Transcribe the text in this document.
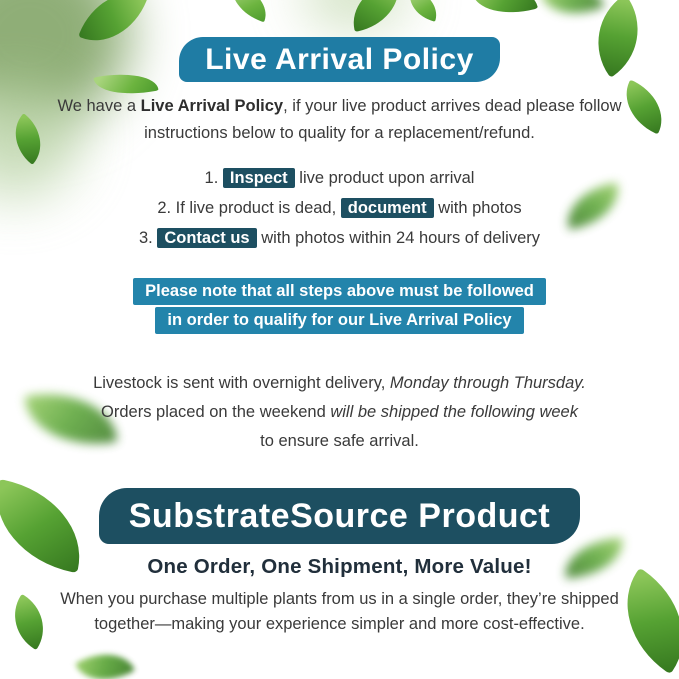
Live Arrival Policy
We have a Live Arrival Policy, if your live product arrives dead please follow
instructions below to quality for a replacement/refund.
1. Inspect live product upon arrival
2. If live product is dead, document with photos
3. Contact us with photos within 24 hours of delivery
Please note that all steps above must be followed
in order to qualify for our Live Arrival Policy
Livestock is sent with overnight delivery, Monday through Thursday.
Orders placed on the weekend will be shipped the following week
to ensure safe arrival.
SubstrateSource Product
One Order, One Shipment, More Value!
When you purchase multiple plants from us in a single order, they’re shipped
together—making your experience simpler and more cost-effective.
